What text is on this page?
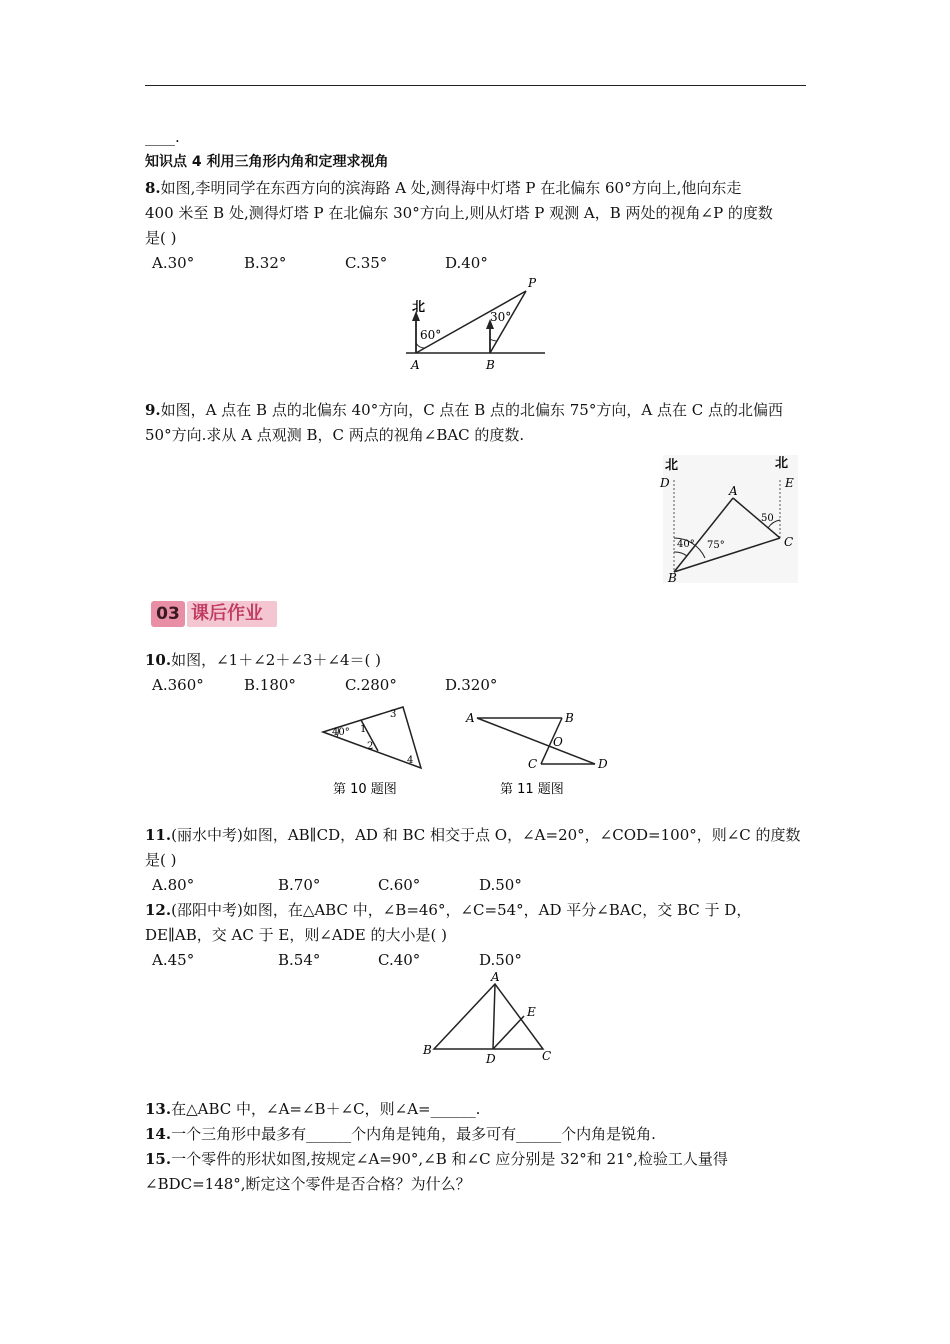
____.
知识点 4 利用三角形内角和定理求视角
8.如图,李明同学在东西方向的滨海路 A 处,测得海中灯塔 P 在北偏东 60°方向上,他向东走
400 米至 B 处,测得灯塔 P 在北偏东 30°方向上,则从灯塔 P 观测 A，B 两处的视角∠P 的度数
是( )
A.30°	B.32°	C.35°	D.40°
北
60°
30°
A	B
P
9.如图，A 点在 B 点的北偏东 40°方向，C 点在 B 点的北偏东 75°方向，A 点在 C 点的北偏西
50°方向.求从 A 点观测 B，C 两点的视角∠BAC 的度数.
北	北
D	E
A
B
C
40° 75°
50
03 课后作业
10.如图，∠1＋∠2＋∠3＋∠4＝( )
A.360°	B.180°	C.280°	D.320°
40° 1
2
3
4
第 10 题图
A	B
C	D
O
第 11 题图
11.(丽水中考)如图，AB∥CD，AD 和 BC 相交于点 O，∠A=20°，∠COD=100°，则∠C 的度数
是( )
A.80°	B.70°	C.60°	D.50°
12.(邵阳中考)如图，在△ABC 中，∠B=46°，∠C=54°，AD 平分∠BAC，交 BC 于 D，
DE∥AB，交 AC 于 E，则∠ADE 的大小是( )
A.45°	B.54°	C.40°	D.50°
A
B	C
D
E
13.在△ABC 中，∠A=∠B＋∠C，则∠A=______.
14.一个三角形中最多有______个内角是钝角，最多可有______个内角是锐角.
15.一个零件的形状如图,按规定∠A=90°,∠B 和∠C 应分别是 32°和 21°,检验工人量得
∠BDC=148°,断定这个零件是否合格？为什么？
